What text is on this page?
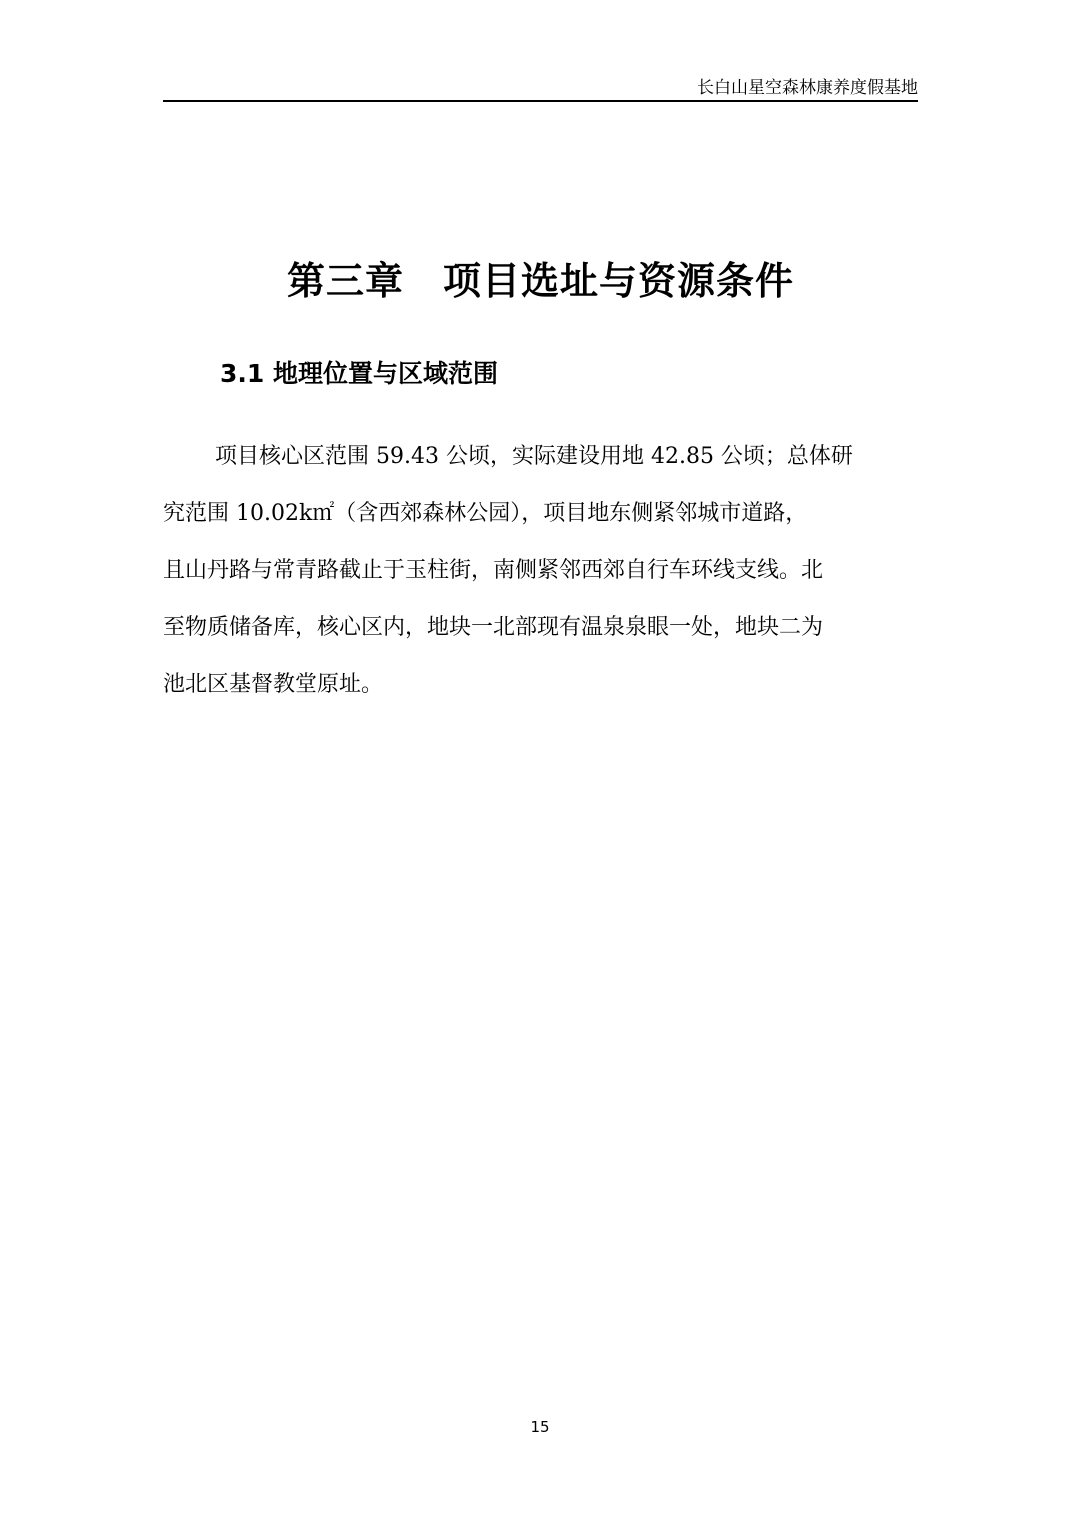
长白山星空森林康养度假基地
第三章　项目选址与资源条件
3.1 地理位置与区域范围
项目核心区范围 59.43 公顷，实际建设用地 42.85 公顷；总体研
究范围 10.02k㎡（含西郊森林公园），项目地东侧紧邻城市道路，
且山丹路与常青路截止于玉柱街，南侧紧邻西郊自行车环线支线。北
至物质储备库，核心区内，地块一北部现有温泉泉眼一处，地块二为
池北区基督教堂原址。
15
